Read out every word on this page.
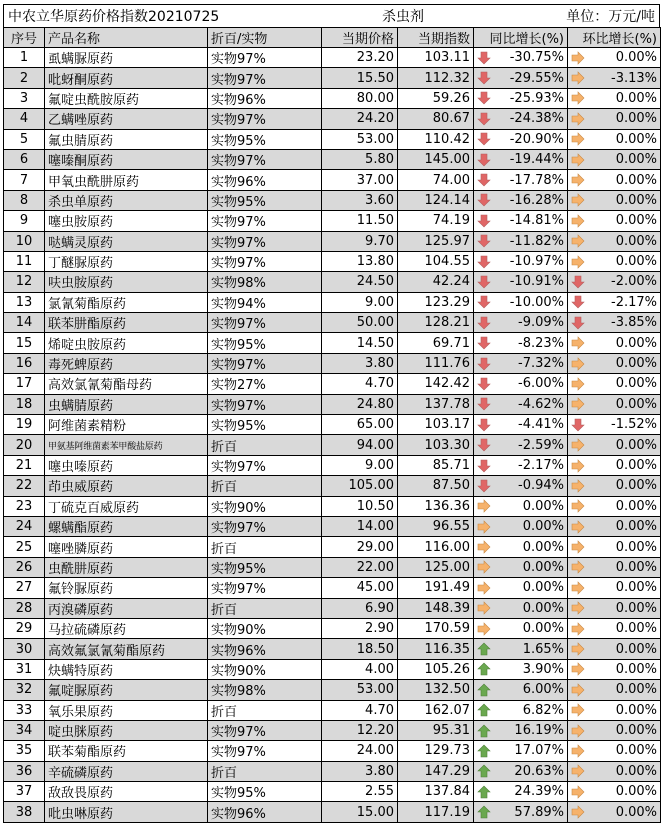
中农立华原药价格指数20210725	杀虫剂	单位：万元/吨
序号	产品名称	折百/实物	当期价格	当期指数	同比增长(%)	环比增长(%)
1	虱螨脲原药	实物97%	23.20	103.11	-30.75%	0.00%

2	吡蚜酮原药	实物97%	15.50	112.32	-29.55%	-3.13%

3	氟啶虫酰胺原药	实物96%	80.00	59.26	-25.93%	0.00%

4	乙螨唑原药	实物97%	24.20	80.67	-24.38%	0.00%

5	氟虫腈原药	实物95%	53.00	110.42	-20.90%	0.00%

6	噻嗪酮原药	实物97%	5.80	145.00	-19.44%	0.00%

7	甲氧虫酰肼原药	实物96%	37.00	74.00	-17.78%	0.00%

8	杀虫单原药	实物95%	3.60	124.14	-16.28%	0.00%

9	噻虫胺原药	实物97%	11.50	74.19	-14.81%	0.00%

10	哒螨灵原药	实物97%	9.70	125.97	-11.82%	0.00%

11	丁醚脲原药	实物97%	13.80	104.55	-10.97%	0.00%

12	呋虫胺原药	实物98%	24.50	42.24	-10.91%	-2.00%

13	氯氰菊酯原药	实物94%	9.00	123.29	-10.00%	-2.17%

14	联苯肼酯原药	实物97%	50.00	128.21	-9.09%	-3.85%

15	烯啶虫胺原药	实物95%	14.50	69.71	-8.23%	0.00%

16	毒死蜱原药	实物97%	3.80	111.76	-7.32%	0.00%

17	高效氯氰菊酯母药	实物27%	4.70	142.42	-6.00%	0.00%

18	虫螨腈原药	实物97%	24.80	137.78	-4.62%	0.00%

19	阿维菌素精粉	实物95%	65.00	103.17	-4.41%	-1.52%

20	甲氨基阿维菌素苯甲酸盐原药	折百	94.00	103.30	-2.59%	0.00%

21	噻虫嗪原药	实物97%	9.00	85.71	-2.17%	0.00%

22	茚虫威原药	折百	105.00	87.50	-0.94%	0.00%

23	丁硫克百威原药	实物90%	10.50	136.36	0.00%	0.00%

24	螺螨酯原药	实物97%	14.00	96.55	0.00%	0.00%

25	噻唑膦原药	折百	29.00	116.00	0.00%	0.00%

26	虫酰肼原药	实物95%	22.00	125.00	0.00%	0.00%

27	氟铃脲原药	实物97%	45.00	191.49	0.00%	0.00%

28	丙溴磷原药	折百	6.90	148.39	0.00%	0.00%

29	马拉硫磷原药	实物90%	2.90	170.59	0.00%	0.00%

30	高效氟氯氰菊酯原药	实物96%	18.50	116.35	1.65%	0.00%

31	炔螨特原药	实物90%	4.00	105.26	3.90%	0.00%

32	氟啶脲原药	实物98%	53.00	132.50	6.00%	0.00%

33	氧乐果原药	折百	4.70	162.07	6.82%	0.00%

34	啶虫脒原药	实物97%	12.20	95.31	16.19%	0.00%

35	联苯菊酯原药	实物97%	24.00	129.73	17.07%	0.00%

36	辛硫磷原药	折百	3.80	147.29	20.63%	0.00%

37	敌敌畏原药	实物95%	2.55	137.84	24.39%	0.00%

38	吡虫啉原药	实物96%	15.00	117.19	57.89%	0.00%
